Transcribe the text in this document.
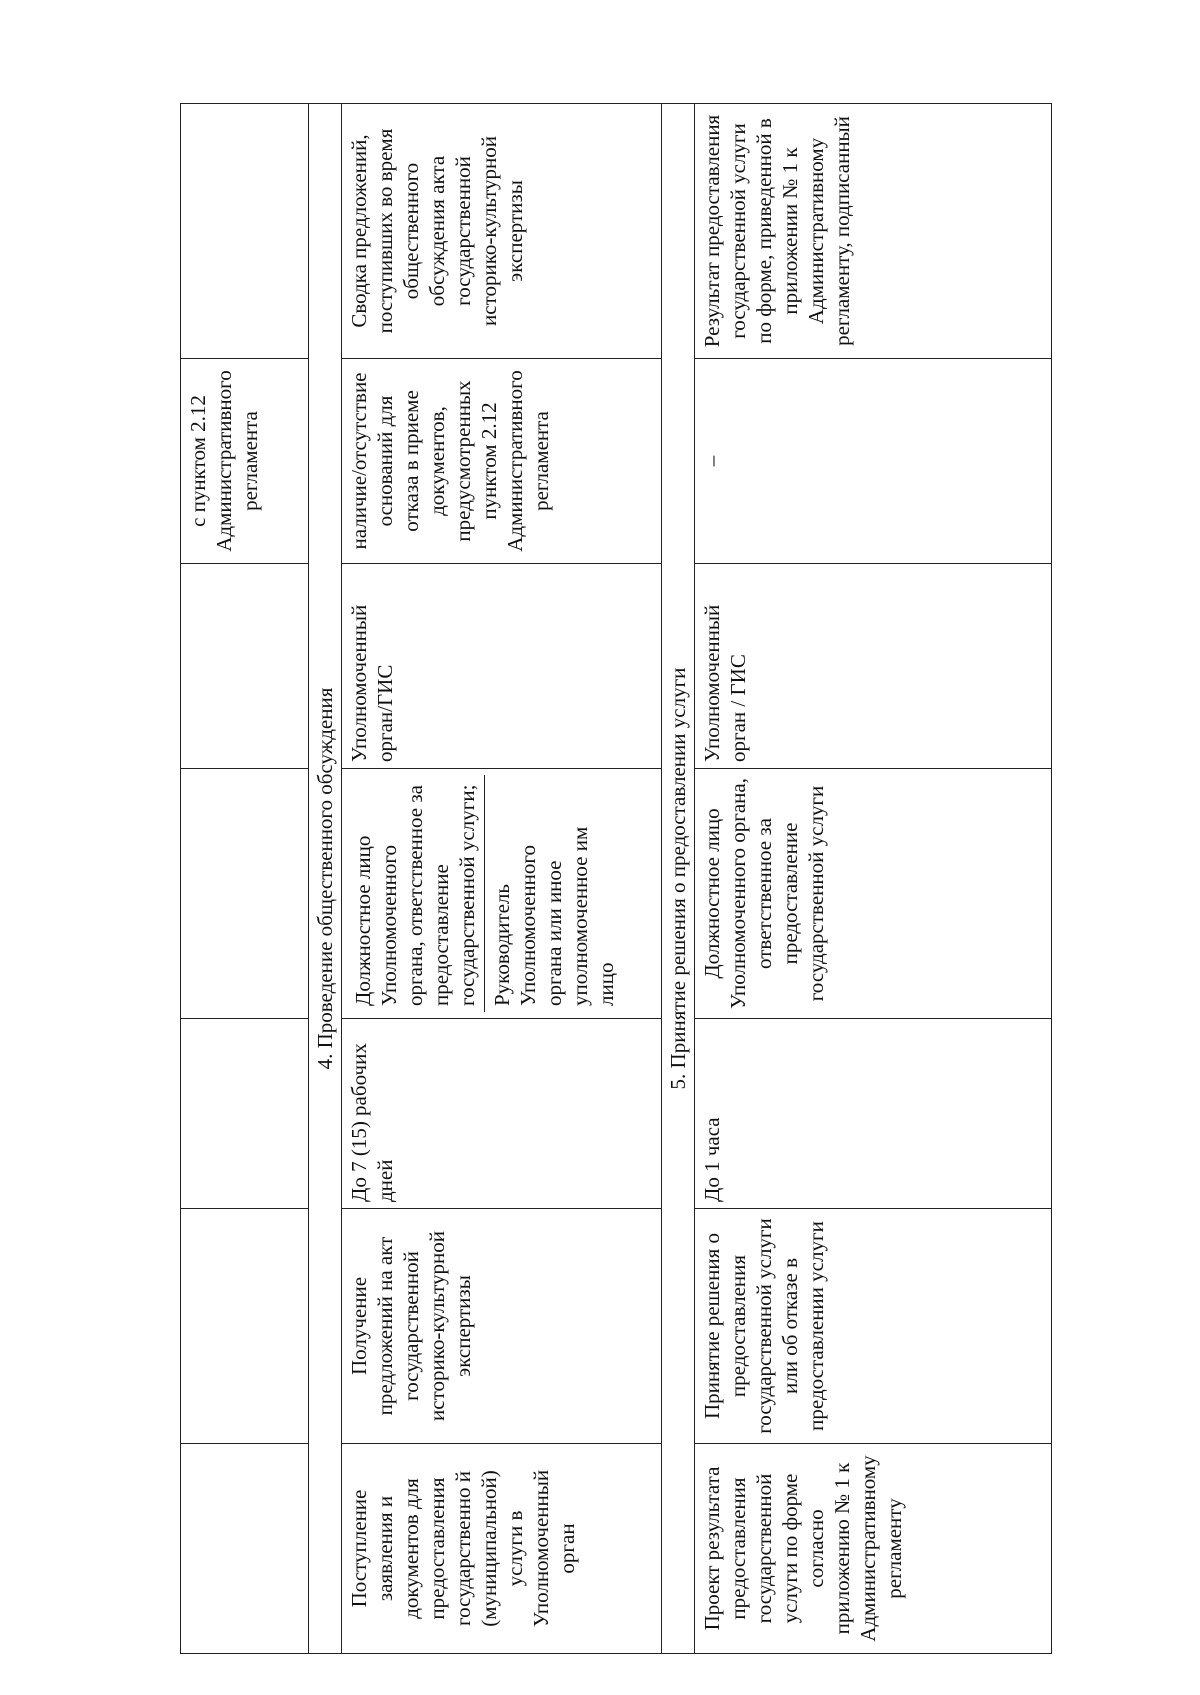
					с пунктом 2.12 Административного регламента	
4. Проведение общественного обсуждения						
Поступление заявления и документов для предоставления государственно й (муниципальной) услуги в Уполномоченный орган	Получение предложений на акт государственной историко-культурной экспертизы	До 7 (15) рабочих дней	Должностное лицо Уполномоченного органа, ответственное за предоставление государственной услуги; Руководитель Уполномоченного органа или иное уполномоченное им лицо	Уполномоченный орган/ГИС	наличие/отсутствие оснований для отказа в приеме документов, предусмотренных пунктом 2.12 Административного регламента	Сводка предложений, поступивших во время общественного обсуждения акта государственной историко-культурной экспертизы
5. Принятие решения о предоставлении услуги						
Проект результата предоставления государственной услуги по форме согласно приложению № 1 к Административному регламенту	Принятие решения о предоставления государственной услуги или об отказе в предоставлении услуги	До 1 часа	Должностное лицо Уполномоченного органа, ответственное за предоставление государственной услуги	Уполномоченный орган / ГИС	–	Результат предоставления государственной услуги по форме, приведенной в приложении № 1 к Административному регламенту, подписанный
